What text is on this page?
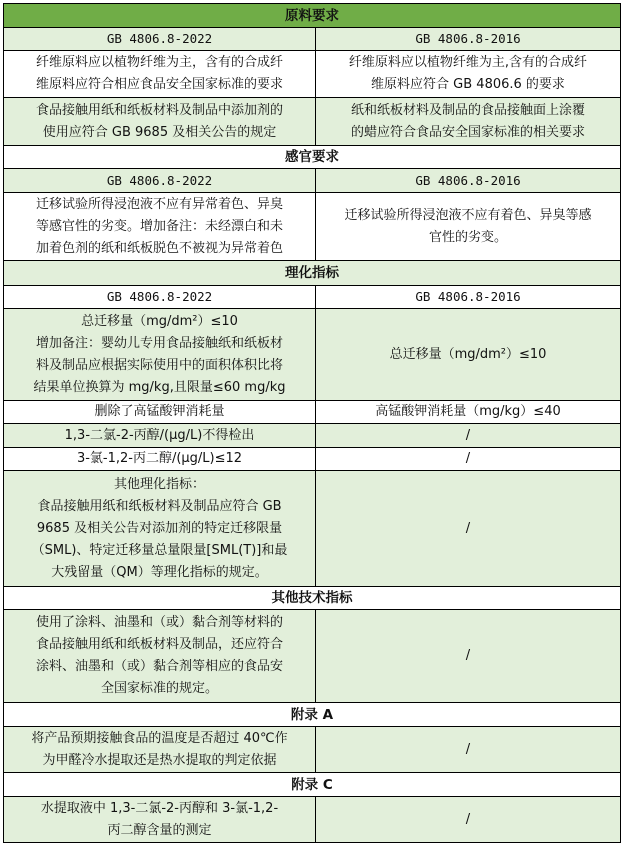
原料要求	
GB 4806.8-2022	GB 4806.8-2016

纤维原料应以植物纤维为主，含有的合成纤
维原料应符合相应食品安全国家标准的要求	纤维原料应以植物纤维为主,含有的合成纤
维原料应符合 GB 4806.6 的要求

食品接触用纸和纸板材料及制品中添加剂的
使用应符合 GB 9685 及相关公告的规定	纸和纸板材料及制品的食品接触面上涂覆
的蜡应符合食品安全国家标准的相关要求

感官要求	
GB 4806.8-2022	GB 4806.8-2016

迁移试验所得浸泡液不应有异常着色、异臭
等感官性的劣变。增加备注：未经漂白和未
加着色剂的纸和纸板脱色不被视为异常着色	迁移试验所得浸泡液不应有着色、异臭等感
官性的劣变。

理化指标	
GB 4806.8-2022	GB 4806.8-2016

总迁移量（mg/dm²）≤10
增加备注：婴幼儿专用食品接触纸和纸板材
料及制品应根据实际使用中的面积体积比将
结果单位换算为 mg/kg,且限量≤60 mg/kg	总迁移量（mg/dm²）≤10

删除了高锰酸钾消耗量	高锰酸钾消耗量（mg/kg）≤40

1,3-二氯-2-丙醇/(μg/L)不得检出	/

3-氯-1,2-丙二醇/(μg/L)≤12	/

其他理化指标：
食品接触用纸和纸板材料及制品应符合 GB
9685 及相关公告对添加剂的特定迁移限量
（SML)、特定迁移量总量限量[SML(T)]和最
大残留量（QM）等理化指标的规定。	/

其他技术指标	

使用了涂料、油墨和（或）黏合剂等材料的
食品接触用纸和纸板材料及制品，还应符合
涂料、油墨和（或）黏合剂等相应的食品安
全国家标准的规定。	/

附录 A	

将产品预期接触食品的温度是否超过 40℃作
为甲醛冷水提取还是热水提取的判定依据	/

附录 C	

水提取液中 1,3-二氯-2-丙醇和 3-氯-1,2-
丙二醇含量的测定	/
